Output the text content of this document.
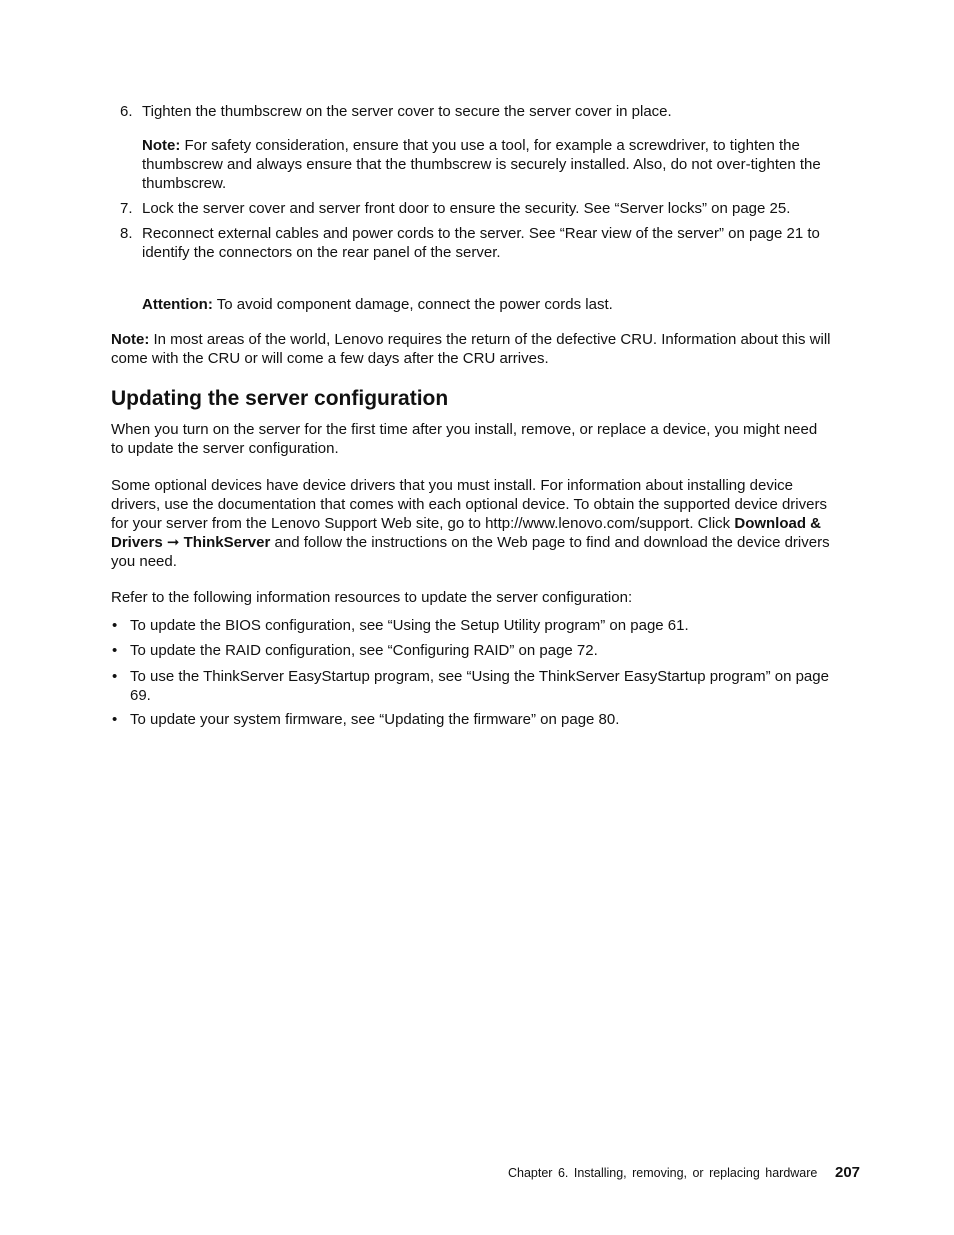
6. Tighten the thumbscrew on the server cover to secure the server cover in place.
Note: For safety consideration, ensure that you use a tool, for example a screwdriver, to tighten the thumbscrew and always ensure that the thumbscrew is securely installed. Also, do not over-tighten the thumbscrew.
7. Lock the server cover and server front door to ensure the security. See “Server locks” on page 25.
8. Reconnect external cables and power cords to the server. See “Rear view of the server” on page 21 to identify the connectors on the rear panel of the server.
Attention: To avoid component damage, connect the power cords last.
Note: In most areas of the world, Lenovo requires the return of the defective CRU. Information about this will come with the CRU or will come a few days after the CRU arrives.
Updating the server configuration
When you turn on the server for the first time after you install, remove, or replace a device, you might need to update the server configuration.
Some optional devices have device drivers that you must install. For information about installing device drivers, use the documentation that comes with each optional device. To obtain the supported device drivers for your server from the Lenovo Support Web site, go to http://www.lenovo.com/support. Click Download & Drivers ➞ ThinkServer and follow the instructions on the Web page to find and download the device drivers you need.
Refer to the following information resources to update the server configuration:
• To update the BIOS configuration, see “Using the Setup Utility program” on page 61.
• To update the RAID configuration, see “Configuring RAID” on page 72.
• To use the ThinkServer EasyStartup program, see “Using the ThinkServer EasyStartup program” on page 69.
• To update your system firmware, see “Updating the firmware” on page 80.
Chapter 6. Installing, removing, or replacing hardware 207
